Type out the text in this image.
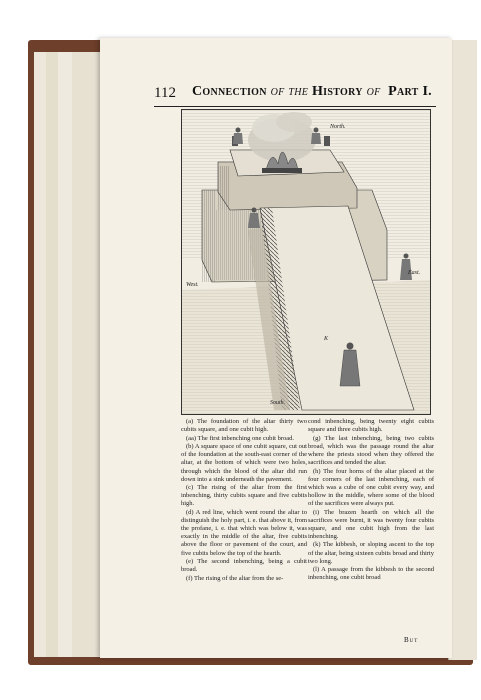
112 Connection of the History of Part I.
North.
East.
West.
South.
K

(a) The foundation of the altar thirty two cubits square, and one cubit high.

(aa) The first inbenching one cubit broad.

(b) A square space of one cubit square, cut out of the foundation at the south-east corner of the altar, at the bottom of which were two holes, through which the blood of the altar did run down into a sink underneath the pavement.

(c) The rising of the altar from the first inbenching, thirty cubits square and five cubits high.

(d) A red line, which went round the altar to distinguish the holy part, i. e. that above it, from the profane, i. e. that which was below it, was exactly in the middle of the altar, five cubits above the floor or pavement of the court, and five cubits below the top of the hearth.

(e) The second inbenching, being a cubit broad.

(f) The rising of the altar from the se-

cond inbenching, being twenty eight cubits square and three cubits high.

(g) The last inbenching, being two cubits broad, which was the passage round the altar where the priests stood when they offered the sacrifices and tended the altar.

(h) The four horns of the altar placed at the four corners of the last inbenching, each of which was a cube of one cubit every way, and hollow in the middle, where some of the blood of the sacrifices were always put.

(i) The brazen hearth on which all the sacrifices were burnt, it was twenty four cubits square, and one cubit high from the last inbenching.

(k) The kibbesh, or sloping ascent to the top of the altar, being sixteen cubits broad and thirty two long.

(l) A passage from the kibbesh to the second inbenching, one cubit broad

But
